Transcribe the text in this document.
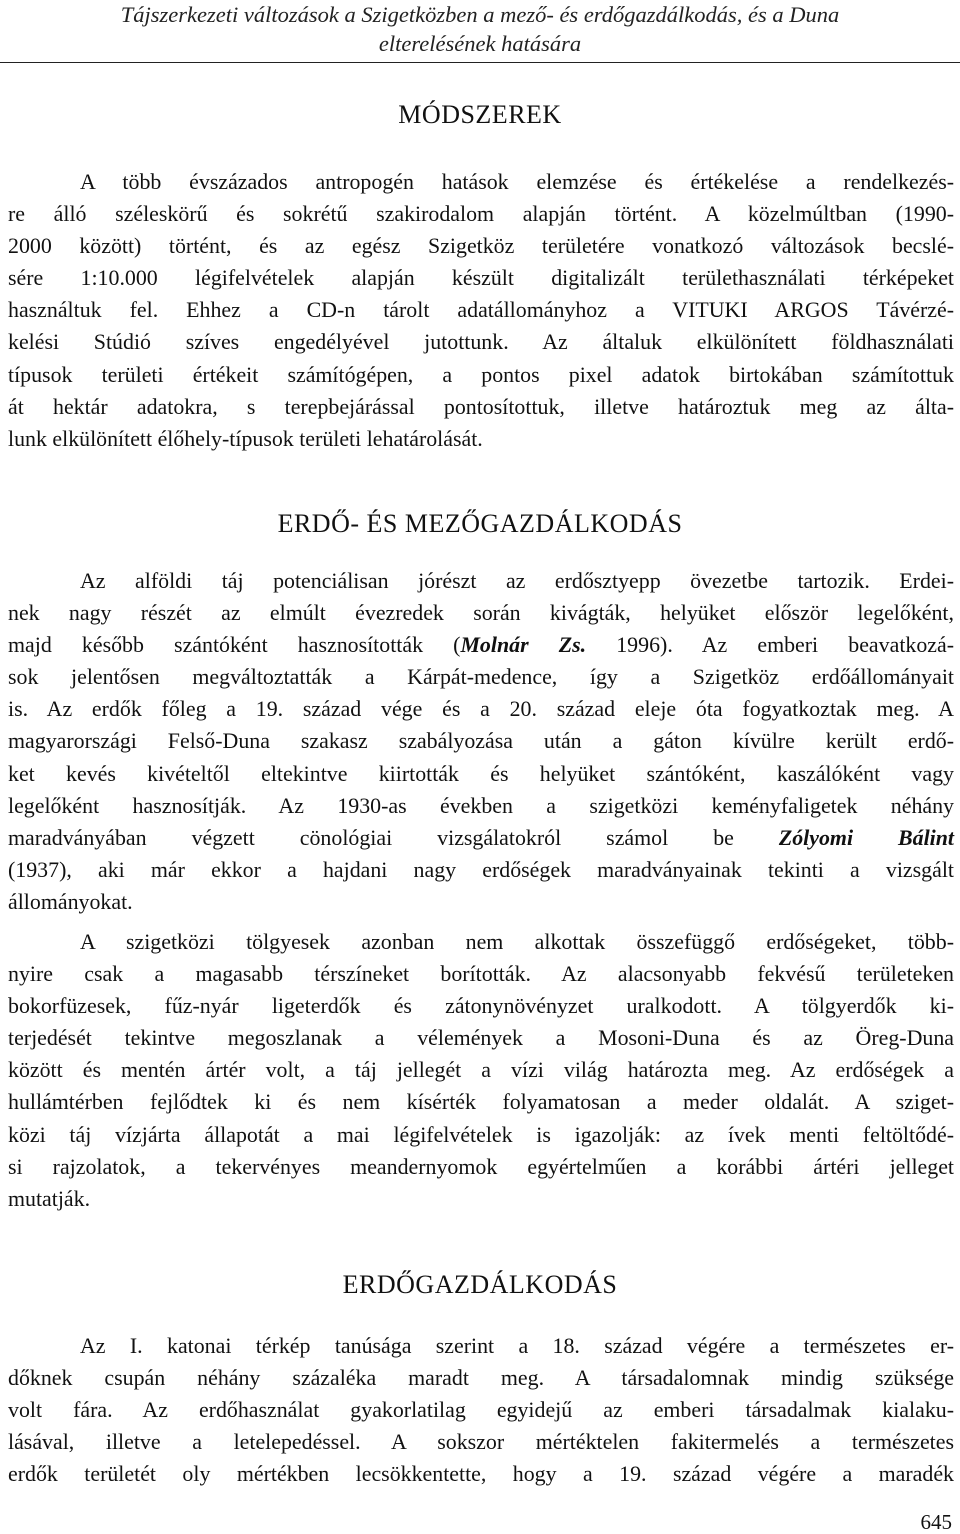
Tájszerkezeti változások a Szigetközben a mező- és erdőgazdálkodás, és a Duna
elterelésének hatására
MÓDSZEREK
A több évszázados antropogén hatások elemzése és értékelése a rendelkezés-
re álló széleskörű és sokrétű szakirodalom alapján történt. A közelmúltban (1990-
2000 között) történt, és az egész Szigetköz területére vonatkozó változások becslé-
sére 1:10.000 légifelvételek alapján készült digitalizált területhasználati térképeket
használtuk fel. Ehhez a CD-n tárolt adatállományhoz a VITUKI ARGOS Távérzé-
kelési Stúdió szíves engedélyével jutottunk. Az általuk elkülönített földhasználati
típusok területi értékeit számítógépen, a pontos pixel adatok birtokában számítottuk
át hektár adatokra, s terepbejárással pontosítottuk, illetve határoztuk meg az álta-
lunk elkülönített élőhely-típusok területi lehatárolását.
ERDŐ- ÉS MEZŐGAZDÁLKODÁS
Az alföldi táj potenciálisan jórészt az erdősztyepp övezetbe tartozik. Erdei-
nek nagy részét az elmúlt évezredek során kivágták, helyüket először legelőként,
majd később szántóként hasznosították (Molnár Zs. 1996). Az emberi beavatkozá-
sok jelentősen megváltoztatták a Kárpát-medence, így a Szigetköz erdőállományait
is. Az erdők főleg a 19. század vége és a 20. század eleje óta fogyatkoztak meg. A
magyarországi Felső-Duna szakasz szabályozása után a gáton kívülre került erdő-
ket kevés kivételtől eltekintve kiirtották és helyüket szántóként, kaszálóként vagy
legelőként hasznosítják. Az 1930-as években a szigetközi keményfaligetek néhány
maradványában végzett cönológiai vizsgálatokról számol be Zólyomi Bálint
(1937), aki már ekkor a hajdani nagy erdőségek maradványainak tekinti a vizsgált
állományokat.
A szigetközi tölgyesek azonban nem alkottak összefüggő erdőségeket, több-
nyire csak a magasabb térszíneket borították. Az alacsonyabb fekvésű területeken
bokorfüzesek, fűz-nyár ligeterdők és zátonynövényzet uralkodott. A tölgyerdők ki-
terjedését tekintve megoszlanak a vélemények a Mosoni-Duna és az Öreg-Duna
között és mentén ártér volt, a táj jellegét a vízi világ határozta meg. Az erdőségek a
hullámtérben fejlődtek ki és nem kísérték folyamatosan a meder oldalát. A sziget-
közi táj vízjárta állapotát a mai légifelvételek is igazolják: az ívek menti feltöltődé-
si rajzolatok, a tekervényes meandernyomok egyértelműen a korábbi ártéri jelleget
mutatják.
ERDŐGAZDÁLKODÁS
Az I. katonai térkép tanúsága szerint a 18. század végére a természetes er-
dőknek csupán néhány százaléka maradt meg. A társadalomnak mindig szüksége
volt fára. Az erdőhasználat gyakorlatilag egyidejű az emberi társadalmak kialaku-
lásával, illetve a letelepedéssel. A sokszor mértéktelen fakitermelés a természetes
erdők területét oly mértékben lecsökkentette, hogy a 19. század végére a maradék
645
